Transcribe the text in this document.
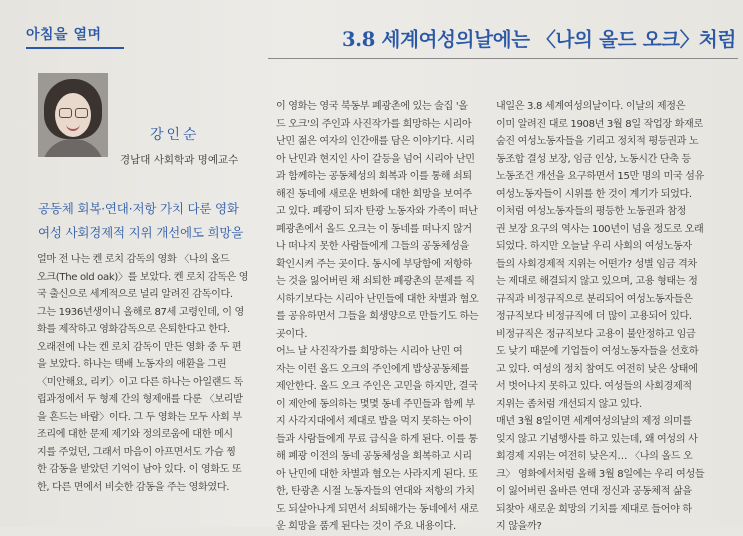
아침을 열며	3.8 세계여성의날에는 〈나의 올드 오크〉처럼
강인순
경남대 사회학과 명예교수
공동체 회복·연대·저항 가치 다룬 영화
여성 사회경제적 지위 개선에도 희망을
얼마 전 나는 켄 로치 감독의 영화 〈나의 올드
오크(The old oak)〉를 보았다. 켄 로치 감독은 영
국 출신으로 세계적으로 널리 알려진 감독이다.
그는 1936년생이니 올해로 87세 고령인데, 이 영
화를 제작하고 영화감독으로 은퇴한다고 한다.
오래전에 나는 켄 로치 감독이 만든 영화 중 두 편
을 보았다. 하나는 택배 노동자의 애환을 그린
〈미안해요, 리키〉이고 다른 하나는 아일랜드 독
립과정에서 두 형제 간의 형제애를 다룬 〈보리밭
을 흔드는 바람〉이다. 그 두 영화는 모두 사회 부
조리에 대한 문제 제기와 정의로움에 대한 메시
지를 주었던, 그래서 마음이 아프면서도 가슴 찡
한 감동을 받았던 기억이 남아 있다. 이 영화도 또
한, 다른 면에서 비슷한 감동을 주는 영화였다.
이 영화는 영국 북동부 폐광촌에 있는 술집 '올
드 오크'의 주인과 사진작가를 희망하는 시리아
난민 젊은 여자의 인간애를 담은 이야기다. 시리
아 난민과 현지인 사이 갈등을 넘어 시리아 난민
과 함께하는 공동체성의 회복과 이를 통해 쇠퇴
해진 동네에 새로운 변화에 대한 희망을 보여주
고 있다. 폐광이 되자 탄광 노동자와 가족이 떠난
폐광촌에서 올드 오크는 이 동네를 떠나지 않거
나 떠나지 못한 사람들에게 그들의 공동체성을
확인시켜 주는 곳이다. 동시에 부당함에 저항하
는 것을 잃어버린 채 쇠퇴한 폐광촌의 문제를 직
시하기보다는 시리아 난민들에 대한 차별과 혐오
를 공유하면서 그들을 희생양으로 만들기도 하는
곳이다.
어느 날 사진작가를 희망하는 시리아 난민 여
자는 이런 올드 오크의 주인에게 밥상공동체를
제안한다. 올드 오크 주인은 고민을 하지만, 결국
이 제안에 동의하는 몇몇 동네 주민들과 함께 부
지 사각지대에서 제대로 밥을 먹지 못하는 아이
들과 사람들에게 무료 급식을 하게 된다. 이를 통
해 폐광 이전의 동네 공동체성을 회복하고 시리
아 난민에 대한 차별과 혐오는 사라지게 된다. 또
한, 탄광촌 시절 노동자들의 연대와 저항의 가치
도 되살아나게 되면서 쇠퇴해가는 동네에서 새로
운 희망을 품게 된다는 것이 주요 내용이다.
내일은 3.8 세계여성의날이다. 이날의 제정은
이미 알려진 대로 1908년 3월 8일 작업장 화재로
숨진 여성노동자들을 기리고 정치적 평등권과 노
동조합 결성 보장, 임금 인상, 노동시간 단축 등
노동조건 개선을 요구하면서 15만 명의 미국 섬유
여성노동자들이 시위를 한 것이 계기가 되었다.
이처럼 여성노동자들의 평등한 노동권과 참정
권 보장 요구의 역사는 100년이 넘을 정도로 오래
되었다. 하지만 오늘날 우리 사회의 여성노동자
들의 사회경제적 지위는 어떤가? 성별 임금 격차
는 제대로 해결되지 않고 있으며, 고용 형태는 정
규직과 비정규직으로 분리되어 여성노동자들은
정규직보다 비정규직에 더 많이 고용되어 있다.
비정규직은 정규직보다 고용이 불안정하고 임금
도 낮기 때문에 기업들이 여성노동자들을 선호하
고 있다. 여성의 정치 참여도 여전히 낮은 상태에
서 벗어나지 못하고 있다. 여성들의 사회경제적
지위는 좀처럼 개선되지 않고 있다.
매년 3월 8일이면 세계여성의날의 제정 의미를
잊지 않고 기념행사를 하고 있는데, 왜 여성의 사
회경제 지위는 여전히 낮은지… 〈나의 올드 오
크〉 영화에서처럼 올해 3월 8일에는 우리 여성들
이 잃어버린 올바른 연대 정신과 공동체적 삶을
되찾아 새로운 희망의 기치를 제대로 들어야 하
지 않을까?
